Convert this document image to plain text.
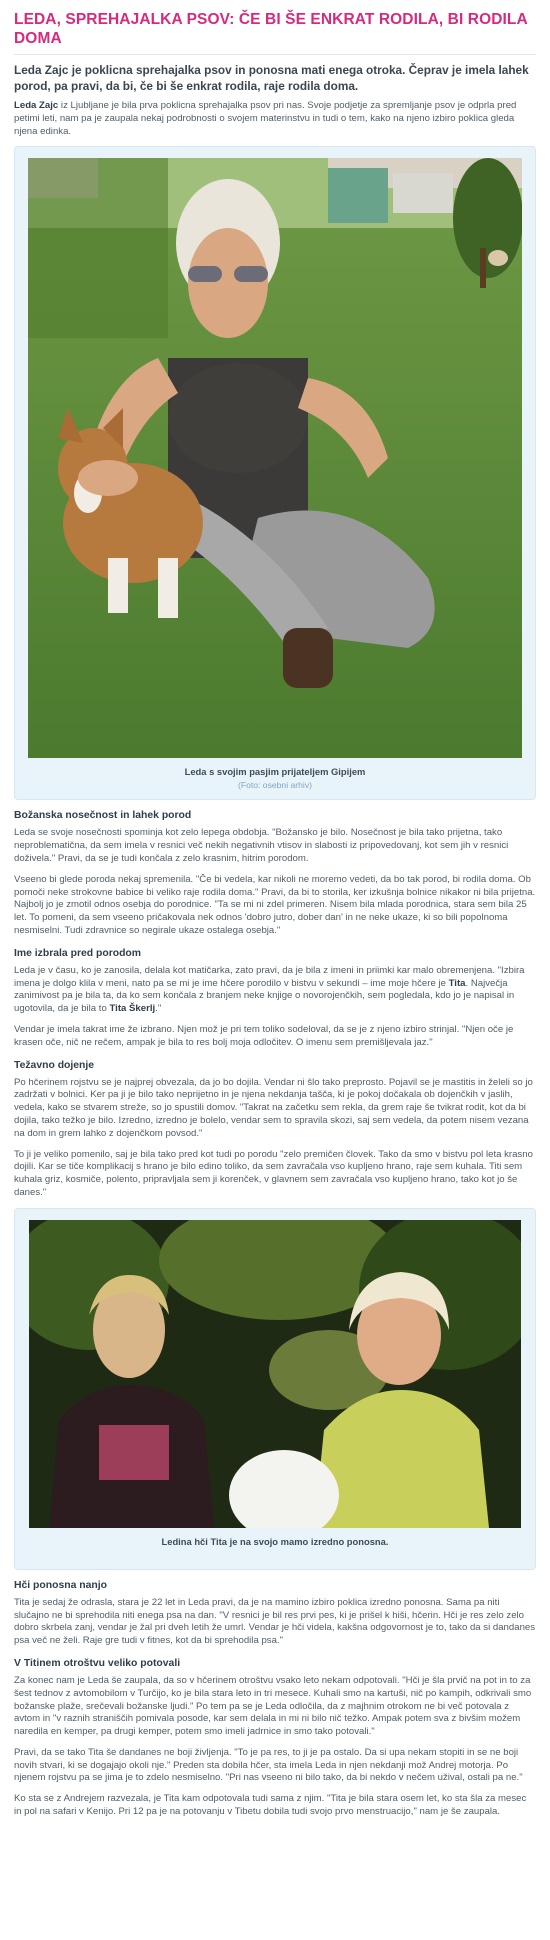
LEDA, SPREHAJALKA PSOV: ČE BI ŠE ENKRAT RODILA, BI RODILA DOMA
Leda Zajc je poklicna sprehajalka psov in ponosna mati enega otroka. Čeprav je imela lahek porod, pa pravi, da bi, če bi še enkrat rodila, raje rodila doma.

Leda Zajc iz Ljubljane je bila prva poklicna sprehajalka psov pri nas. Svoje podjetje za spremljanje psov je odprla pred petimi leti, nam pa je zaupala nekaj podrobnosti o svojem materinstvu in tudi o tem, kako na njeno izbiro poklica gleda njena edinka.

Leda s svojim pasjim prijateljem Gipijem
(Foto: osebni arhiv)
Božanska nosečnost in lahek porod

Leda se svoje nosečnosti spominja kot zelo lepega obdobja. "Božansko je bilo. Nosečnost je bila tako prijetna, tako neproblematična, da sem imela v resnici več nekih negativnih vtisov in slabosti iz pripovedovanj, kot sem jih v resnici doživela." Pravi, da se je tudi končala z zelo krasnim, hitrim porodom.

Vseeno bi glede poroda nekaj spremenila. "Če bi vedela, kar nikoli ne moremo vedeti, da bo tak porod, bi rodila doma. Ob pomoči neke strokovne babice bi veliko raje rodila doma." Pravi, da bi to storila, ker izkušnja bolnice nikakor ni bila prijetna. Najbolj jo je zmotil odnos osebja do porodnice. "Ta se mi ni zdel primeren. Nisem bila mlada porodnica, stara sem bila 25 let. To pomeni, da sem vseeno pričakovala nek odnos 'dobro jutro, dober dan' in ne neke ukaze, ki so bili popolnoma nesmiselni. Tudi zdravnice so negirale ukaze ostalega osebja."

Ime izbrala pred porodom

Leda je v času, ko je zanosila, delala kot matičarka, zato pravi, da je bila z imeni in priimki kar malo obremenjena. "Izbira imena je dolgo klila v meni, nato pa se mi je ime hčere porodilo v bistvu v sekundi – ime moje hčere je Tita. Največja zanimivost pa je bila ta, da ko sem končala z branjem neke knjige o novorojenčkih, sem pogledala, kdo jo je napisal in ugotovila, da je bila to Tita Škerlj."

Vendar je imela takrat ime že izbrano. Njen mož je pri tem toliko sodeloval, da se je z njeno izbiro strinjal. "Njen oče je krasen oče, nič ne rečem, ampak je bila to res bolj moja odločitev. O imenu sem premišljevala jaz."

Težavno dojenje

Po hčerinem rojstvu se je najprej obvezala, da jo bo dojila. Vendar ni šlo tako preprosto. Pojavil se je mastitis in želeli so jo zadržati v bolnici. Ker pa ji je bilo tako neprijetno in je njena nekdanja tašča, ki je pokoj dočakala ob dojenčkih v jaslih, vedela, kako se stvarem streže, so jo spustili domov. "Takrat na začetku sem rekla, da grem raje še tvikrat rodit, kot da bi dojila, tako težko je bilo. Izredno, izredno je bolelo, vendar sem to spravila skozi, saj sem vedela, da potem nisem vezana na dom in grem lahko z dojenčkom povsod."

To ji je veliko pomenilo, saj je bila tako pred kot tudi po porodu "zelo premičen človek. Tako da smo v bistvu pol leta krasno dojili. Kar se tiče komplikacij s hrano je bilo edino toliko, da sem zavračala vso kupljeno hrano, raje sem kuhala. Titi sem kuhala griz, kosmiče, polento, pripravljala sem ji korenček, v glavnem sem zavračala vso kupljeno hrano, tako kot jo še danes."

Ledina hči Tita je na svojo mamo izredno ponosna.
Hči ponosna nanjo

Tita je sedaj že odrasla, stara je 22 let in Leda pravi, da je na mamino izbiro poklica izredno ponosna. Sama pa niti slučajno ne bi sprehodila niti enega psa na dan. "V resnici je bil res prvi pes, ki je prišel k hiši, hčerin. Hči je res zelo zelo dobro skrbela zanj, vendar je žal pri dveh letih že umrl. Vendar je hči videla, kakšna odgovornost je to, tako da si dandanes psa več ne želi. Raje gre tudi v fitnes, kot da bi sprehodila psa."

V Titinem otroštvu veliko potovali

Za konec nam je Leda še zaupala, da so v hčerinem otroštvu vsako leto nekam odpotovali. "Hči je šla prvič na pot in to za šest tednov z avtomobilom v Turčijo, ko je bila stara leto in tri mesece. Kuhali smo na kartuši, nič po kampih, odkrivali smo božanske plaže, srečevali božanske ljudi." Po tem pa se je Leda odločila, da z majhnim otrokom ne bi več potovala z avtom in "v raznih straniščih pomivala posode, kar sem delala in mi ni bilo nič težko. Ampak potem sva z bivšim možem naredila en kemper, pa drugi kemper, potem smo imeli jadrnice in smo tako potovali."

Pravi, da se tako Tita še dandanes ne boji življenja. "To je pa res, to ji je pa ostalo. Da si upa nekam stopiti in se ne boji novih stvari, ki se dogajajo okoli nje." Preden sta dobila hčer, sta imela Leda in njen nekdanji mož Andrej motorja. Po njenem rojstvu pa se jima je to zdelo nesmiselno. "Pri nas vseeno ni bilo tako, da bi nekdo v nečem užival, ostali pa ne."

Ko sta se z Andrejem razvezala, je Tita kam odpotovala tudi sama z njim. "Tita je bila stara osem let, ko sta šla za mesec in pol na safari v Kenijo. Pri 12 pa je na potovanju v Tibetu dobila tudi svojo prvo menstruacijo," nam je še zaupala.
